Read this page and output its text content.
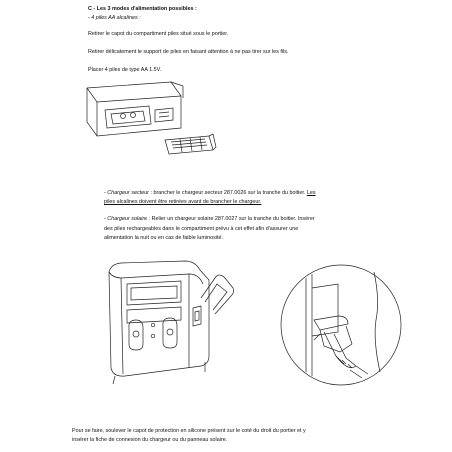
C - Les 3 modes d'alimentation possibles :
- 4 piles AA alcalines :
Retirer le capot du compartiment piles situé sous le portier.
Retirer délicatement le support de piles en faisant attention à ne pas tirer sur les fils.
Placer 4 piles de type AA 1.5V.
- Chargeur secteur : brancher le chargeur secteur 287.0026 sur la tranche du boitier. Les
piles alcalines doivent être retirées avant de brancher le chargeur.
- Chargeur solaire : Relier un chargeur solaire 287.0027 sur la tranche du boitier. Insérer
des piles rechargeables dans le compartiment prévu à cet effet afin d'assurer une
alimentation la nuit ou en cas de faible luminosité.
Pour se faire, soulever le capot de protection en silicone présent sur le coté du droit du portier et y
insérer la fiche de connexion du chargeur ou du panneau solaire.
